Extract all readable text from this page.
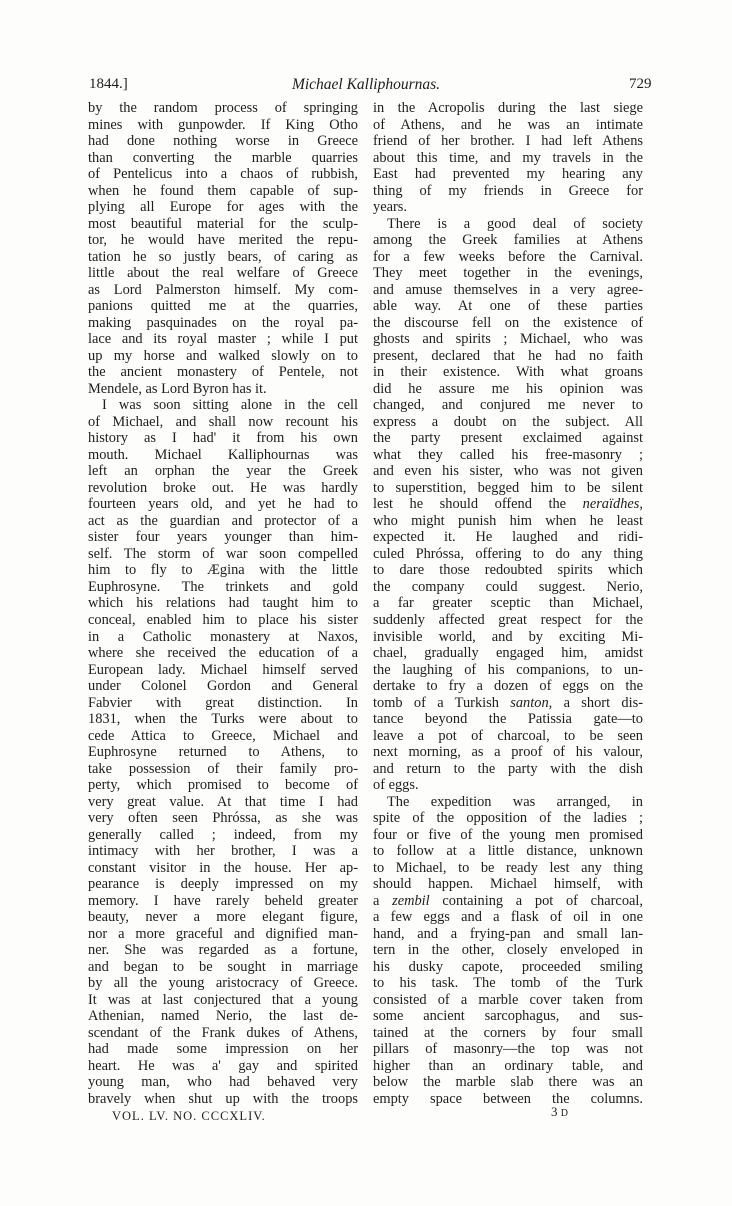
1844.]	Michael Kalliphournas.	729
by the random process of springing
mines with gunpowder. If King Otho
had done nothing worse in Greece
than converting the marble quarries
of Pentelicus into a chaos of rubbish,
when he found them capable of sup-
plying all Europe for ages with the
most beautiful material for the sculp-
tor, he would have merited the repu-
tation he so justly bears, of caring as
little about the real welfare of Greece
as Lord Palmerston himself. My com-
panions quitted me at the quarries,
making pasquinades on the royal pa-
lace and its royal master ; while I put
up my horse and walked slowly on to
the ancient monastery of Pentele, not
Mendele, as Lord Byron has it.
I was soon sitting alone in the cell
of Michael, and shall now recount his
history as I had' it from his own
mouth. Michael Kalliphournas was
left an orphan the year the Greek
revolution broke out. He was hardly
fourteen years old, and yet he had to
act as the guardian and protector of a
sister four years younger than him-
self. The storm of war soon compelled
him to fly to Ægina with the little
Euphrosyne. The trinkets and gold
which his relations had taught him to
conceal, enabled him to place his sister
in a Catholic monastery at Naxos,
where she received the education of a
European lady. Michael himself served
under Colonel Gordon and General
Fabvier with great distinction. In
1831, when the Turks were about to
cede Attica to Greece, Michael and
Euphrosyne returned to Athens, to
take possession of their family pro-
perty, which promised to become of
very great value. At that time I had
very often seen Phróssa, as she was
generally called ; indeed, from my
intimacy with her brother, I was a
constant visitor in the house. Her ap-
pearance is deeply impressed on my
memory. I have rarely beheld greater
beauty, never a more elegant figure,
nor a more graceful and dignified man-
ner. She was regarded as a fortune,
and began to be sought in marriage
by all the young aristocracy of Greece.
It was at last conjectured that a young
Athenian, named Nerio, the last de-
scendant of the Frank dukes of Athens,
had made some impression on her
heart. He was a' gay and spirited
young man, who had behaved very
bravely when shut up with the troops
in the Acropolis during the last siege
of Athens, and he was an intimate
friend of her brother. I had left Athens
about this time, and my travels in the
East had prevented my hearing any
thing of my friends in Greece for
years.
There is a good deal of society
among the Greek families at Athens
for a few weeks before the Carnival.
They meet together in the evenings,
and amuse themselves in a very agree-
able way. At one of these parties
the discourse fell on the existence of
ghosts and spirits ; Michael, who was
present, declared that he had no faith
in their existence. With what groans
did he assure me his opinion was
changed, and conjured me never to
express a doubt on the subject. All
the party present exclaimed against
what they called his free-masonry ;
and even his sister, who was not given
to superstition, begged him to be silent
lest he should offend the neraïdhes,
who might punish him when he least
expected it. He laughed and ridi-
culed Phróssa, offering to do any thing
to dare those redoubted spirits which
the company could suggest. Nerio,
a far greater sceptic than Michael,
suddenly affected great respect for the
invisible world, and by exciting Mi-
chael, gradually engaged him, amidst
the laughing of his companions, to un-
dertake to fry a dozen of eggs on the
tomb of a Turkish santon, a short dis-
tance beyond the Patissia gate—to
leave a pot of charcoal, to be seen
next morning, as a proof of his valour,
and return to the party with the dish
of eggs.
The expedition was arranged, in
spite of the opposition of the ladies ;
four or five of the young men promised
to follow at a little distance, unknown
to Michael, to be ready lest any thing
should happen. Michael himself, with
a zembil containing a pot of charcoal,
a few eggs and a flask of oil in one
hand, and a frying-pan and small lan-
tern in the other, closely enveloped in
his dusky capote, proceeded smiling
to his task. The tomb of the Turk
consisted of a marble cover taken from
some ancient sarcophagus, and sus-
tained at the corners by four small
pillars of masonry—the top was not
higher than an ordinary table, and
below the marble slab there was an
empty space between the columns.
VOL. LV. NO. CCCXLIV.	3 D
